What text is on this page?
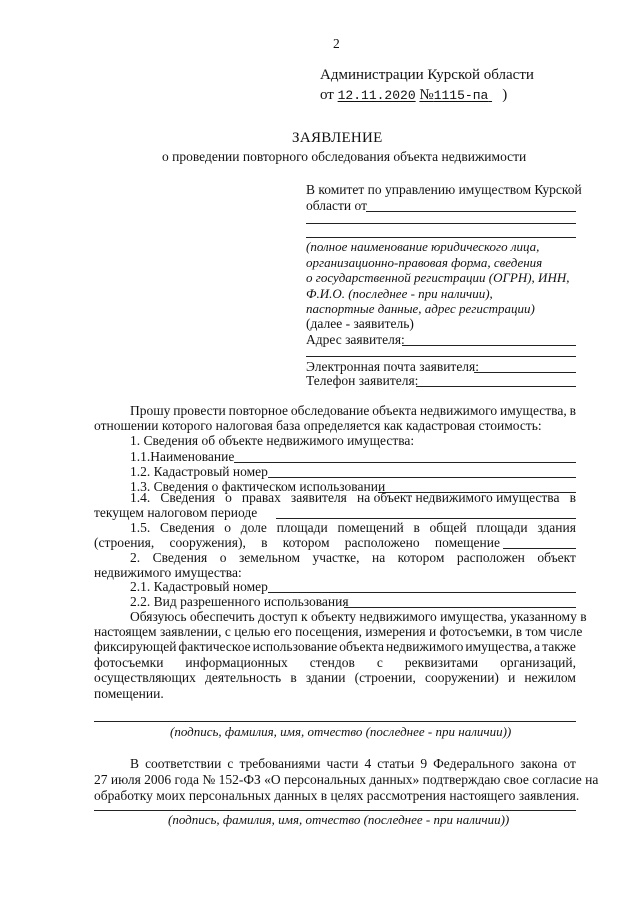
2
Администрации Курской области
от 12.11.2020 №1115-па )
ЗАЯВЛЕНИЕ
о проведении повторного обследования объекта недвижимости
В комитет по управлению имуществом Курской
области от
(полное наименование юридического лица,
организационно-правовая форма, сведения
о государственной регистрации (ОГРН), ИНН,
Ф.И.О. (последнее - при наличии),
паспортные данные, адрес регистрации)
(далее - заявитель)
Адрес заявителя:
Электронная почта заявителя:
Телефон заявителя:
Прошу провести повторное обследование объекта недвижимого имущества, в
отношении которого налоговая база определяется как кадастровая стоимость:
1. Сведения об объекте недвижимого имущества:
1.1.Наименование
1.2. Кадастровый номер
1.3. Сведения о фактическом использовании
1.4. Сведения о правах заявителя на объект недвижимого имущества в
текущем налоговом периоде
1.5. Сведения о доле площади помещений в общей площади здания
(строения, сооружения), в котором расположено помещение
2. Сведения о земельном участке, на котором расположен объект
недвижимого имущества:
2.1. Кадастровый номер
2.2. Вид разрешенного использования
Обязуюсь обеспечить доступ к объекту недвижимого имущества, указанному в
настоящем заявлении, с целью его посещения, измерения и фотосъемки, в том числе
фиксирующей фактическое использование объекта недвижимого имущества, а также
фотосъемки информационных стендов с реквизитами организаций,
осуществляющих деятельность в здании (строении, сооружении) и нежилом
помещении.
(подпись, фамилия, имя, отчество (последнее - при наличии))
В соответствии с требованиями части 4 статьи 9 Федерального закона от
27 июля 2006 года № 152-ФЗ «О персональных данных» подтверждаю свое согласие на
обработку моих персональных данных в целях рассмотрения настоящего заявления.
(подпись, фамилия, имя, отчество (последнее - при наличии))
